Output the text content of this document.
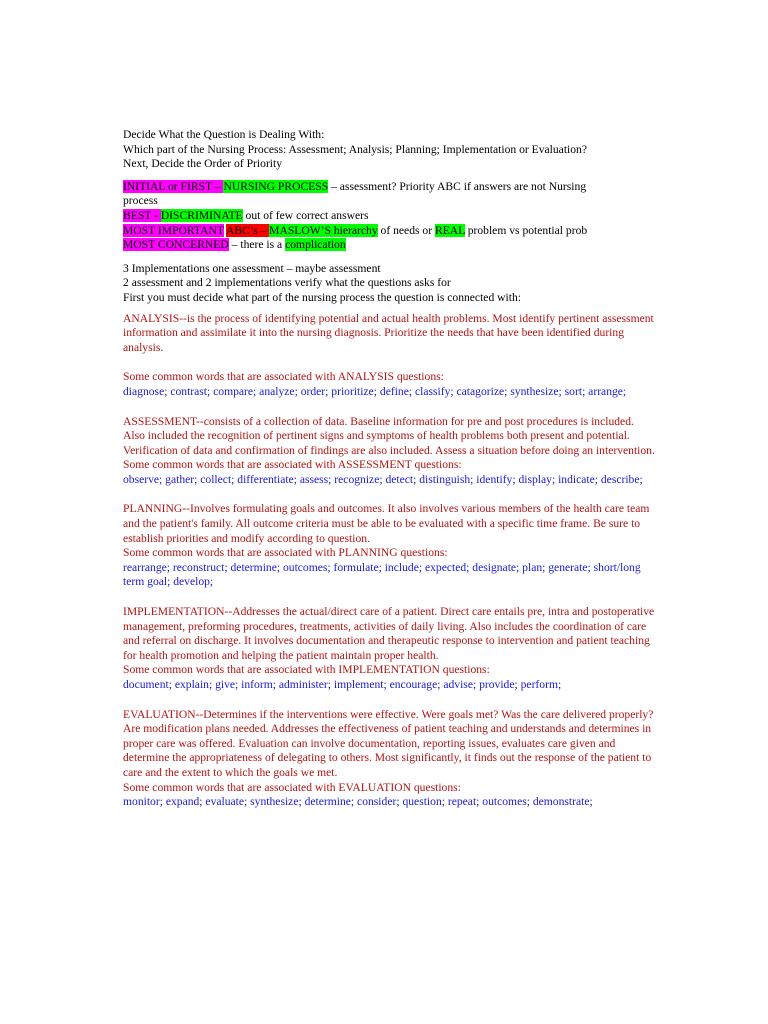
Decide What the Question is Dealing With:
Which part of the Nursing Process: Assessment; Analysis; Planning; Implementation or Evaluation?
Next, Decide the Order of Priority
INITIAL or FIRST – NURSING PROCESS – assessment? Priority ABC if answers are not Nursing
process
BEST - DISCRIMINATE out of few correct answers
MOST IMPORTANT ABC’s – MASLOW’S hierarchy of needs or REAL problem vs potential prob
MOST CONCERNED – there is a complication
3 Implementations one assessment – maybe assessment
2 assessment and 2 implementations verify what the questions asks for
First you must decide what part of the nursing process the question is connected with:
ANALYSIS--is the process of identifying potential and actual health problems. Most identify pertinent assessment information and assimilate it into the nursing diagnosis. Prioritize the needs that have been identified during analysis.
Some common words that are associated with ANALYSIS questions:
diagnose; contrast; compare; analyze; order; prioritize; define; classify; catagorize; synthesize; sort; arrange;
ASSESSMENT--consists of a collection of data. Baseline information for pre and post procedures is included. Also included the recognition of pertinent signs and symptoms of health problems both present and potential. Verification of data and confirmation of findings are also included. Assess a situation before doing an intervention.
Some common words that are associated with ASSESSMENT questions:
observe; gather; collect; differentiate; assess; recognize; detect; distinguish; identify; display; indicate; describe;
PLANNING--Involves formulating goals and outcomes. It also involves various members of the health care team and the patient's family. All outcome criteria must be able to be evaluated with a specific time frame. Be sure to establish priorities and modify according to question.
Some common words that are associated with PLANNING questions:
rearrange; reconstruct; determine; outcomes; formulate; include; expected; designate; plan; generate; short/long term goal; develop;
IMPLEMENTATION--Addresses the actual/direct care of a patient. Direct care entails pre, intra and postoperative management, preforming procedures, treatments, activities of daily living. Also includes the coordination of care and referral on discharge. It involves documentation and therapeutic response to intervention and patient teaching for health promotion and helping the patient maintain proper health.
Some common words that are associated with IMPLEMENTATION questions:
document; explain; give; inform; administer; implement; encourage; advise; provide; perform;
EVALUATION--Determines if the interventions were effective. Were goals met? Was the care delivered properly? Are modification plans needed. Addresses the effectiveness of patient teaching and understands and determines in proper care was offered. Evaluation can involve documentation, reporting issues, evaluates care given and determine the appropriateness of delegating to others. Most significantly, it finds out the response of the patient to care and the extent to which the goals we met.
Some common words that are associated with EVALUATION questions:
monitor; expand; evaluate; synthesize; determine; consider; question; repeat; outcomes; demonstrate;
